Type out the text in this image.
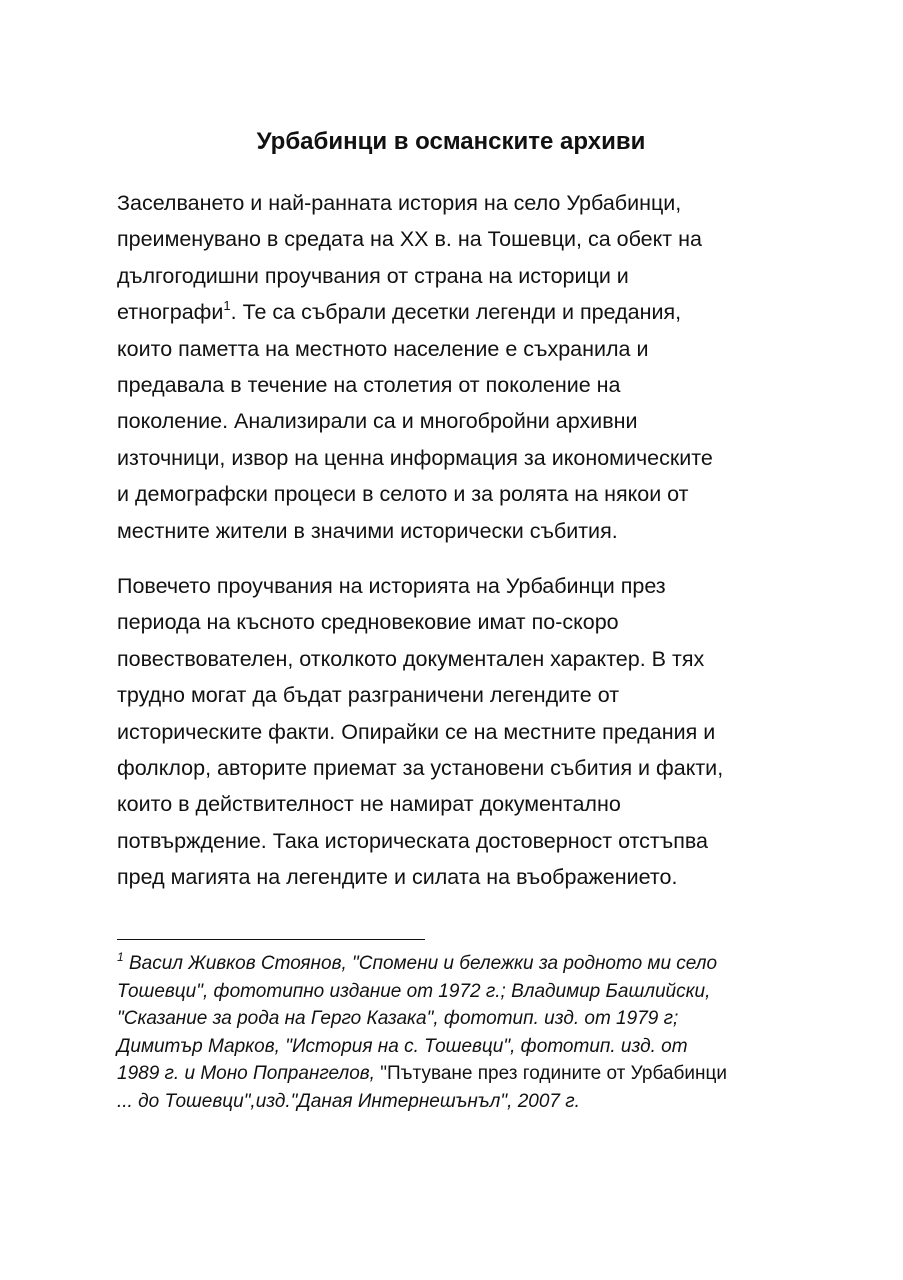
Урбабинци в османските архиви
Заселването и най-ранната история на село Урбабинци,
преименувано в средата на XX в. на Тошевци, са обект на
дългогодишни проучвания от страна на историци и
етнографи$^1$. Те са събрали десетки легенди и предания,
които паметта на местното население е съхранила и
предавала в течение на столетия от поколение на
поколение. Анализирали са и многобройни архивни
източници, извор на ценна информация за икономическите
и демографски процеси в селото и за ролята на някои от
местните жители в значими исторически събития.
Повечето проучвания на историята на Урбабинци през
периода на късното средновековие имат по-скоро
повествователен, отколкото документален характер. В тях
трудно могат да бъдат разграничени легендите от
историческите факти. Опирайки се на местните предания и
фолклор, авторите приемат за установени събития и факти,
които в действителност не намират документално
потвърждение. Така историческата достоверност отстъпва
пред магията на легендите и силата на въображението.
$^1$ Васил Живков Стоянов, "Спомени и бележки за родното ми село
Тошевци", фототипно издание от 1972 г.; Владимир Башлийски,
"Сказание за рода на Герго Казака", фототип. изд. от 1979 г;
Димитър Марков, "История на с. Тошевци", фототип. изд. от
1989 г. и Моно Попрангелов, "Пътуване през годините от Урбабинци
... до Тошевци",изд."Даная Интернешънъл", 2007 г.
